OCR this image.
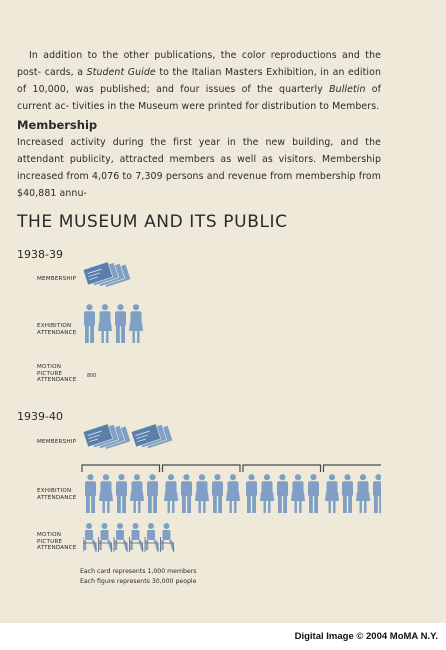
In addition to the other publications, the color reproductions and the post- cards, a Student Guide to the Italian Masters Exhibition, in an edition of 10,000, was published; and four issues of the quarterly Bulletin of current ac- tivities in the Museum were printed for distribution to Members.
Membership
Increased activity during the first year in the new building, and the attendant publicity, attracted members as well as visitors. Membership increased from 4,076 to 7,309 persons and revenue from membership from $40,881 annu-
THE MUSEUM AND ITS PUBLIC
1938-39
MEMBERSHIP
EXHIBITION
ATTENDANCE
MOTION
PICTURE
ATTENDANCE
800
1939-40
MEMBERSHIP
EXHIBITION
ATTENDANCE
MOTION
PICTURE
ATTENDANCE
Each card represents 1,000 members
Each figure represents 30,000 people
Digital Image © 2004 MoMA N.Y.
